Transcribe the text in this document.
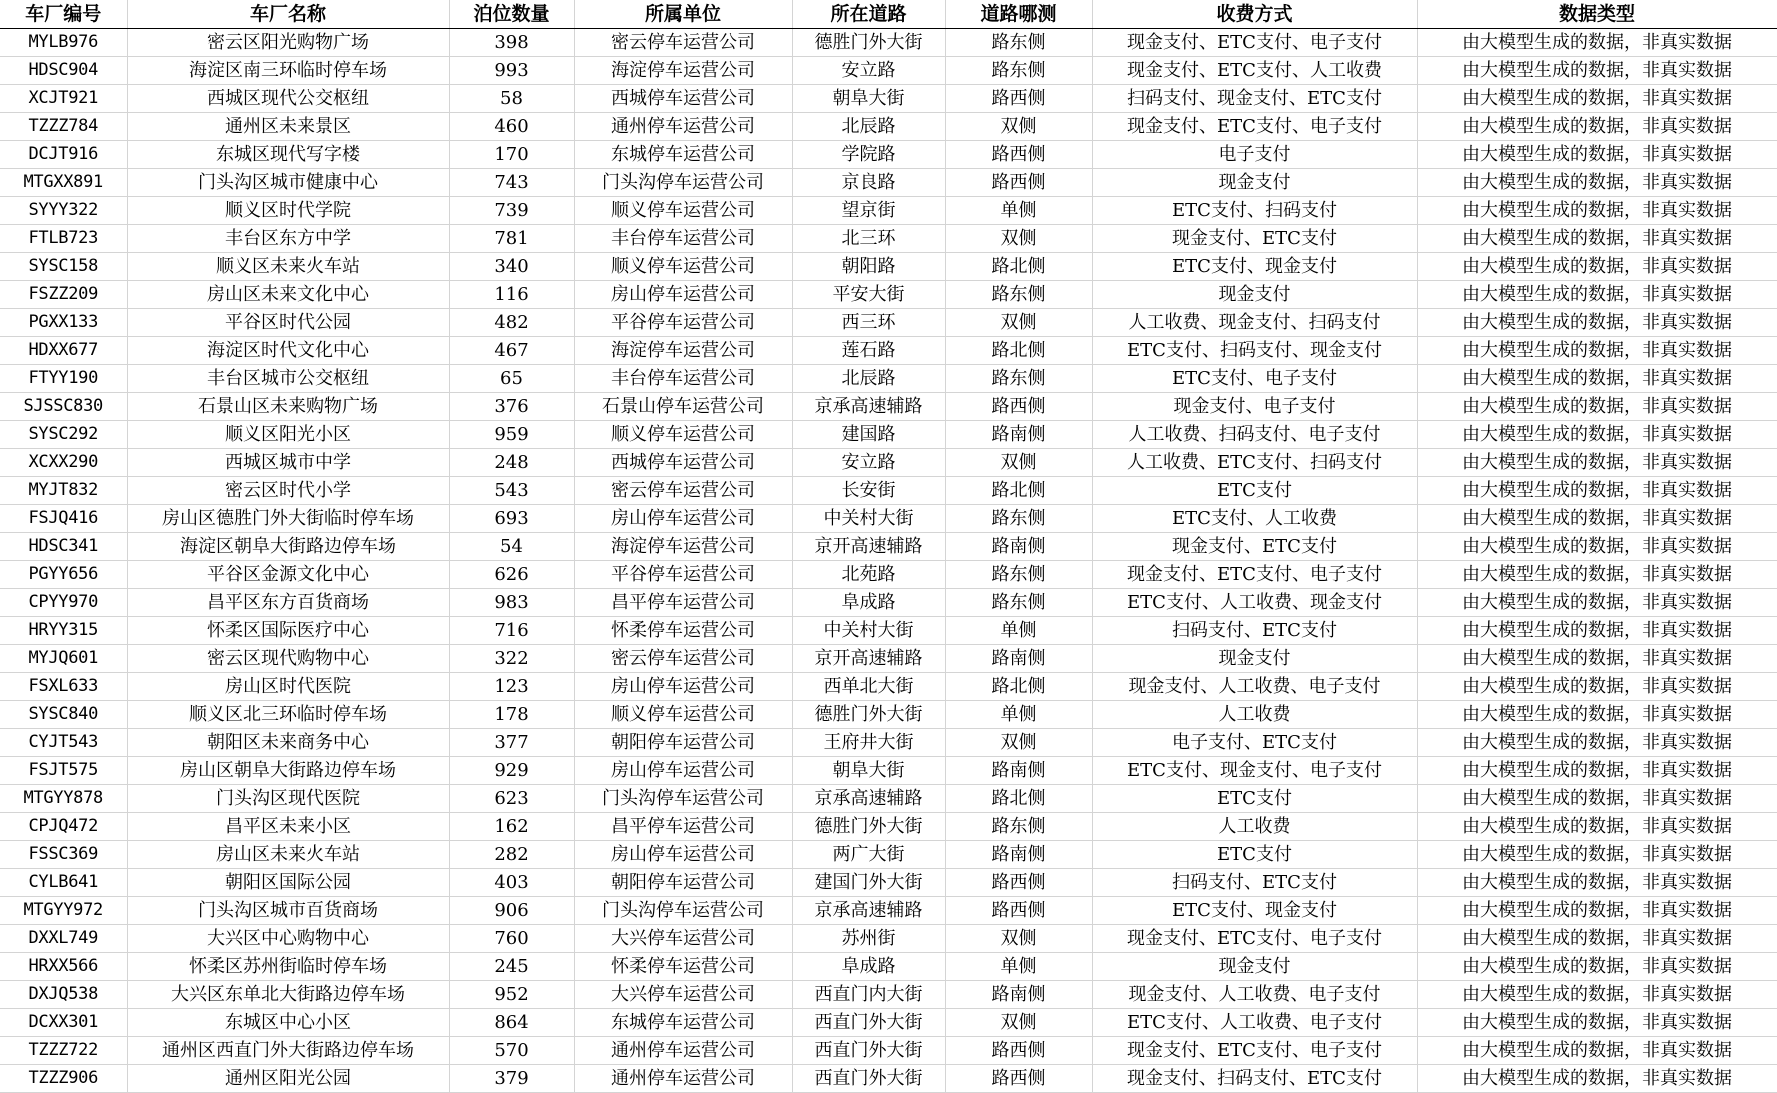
车厂编号	车厂名称	泊位数量	所属单位	所在道路	道路哪测	收费方式	数据类型
MYLB976	密云区阳光购物广场	398	密云停车运营公司	德胜门外大街	路东侧	现金支付、ETC支付、电子支付	由大模型生成的数据，非真实数据
HDSC904	海淀区南三环临时停车场	993	海淀停车运营公司	安立路	路东侧	现金支付、ETC支付、人工收费	由大模型生成的数据，非真实数据
XCJT921	西城区现代公交枢纽	58	西城停车运营公司	朝阜大街	路西侧	扫码支付、现金支付、ETC支付	由大模型生成的数据，非真实数据
TZZZ784	通州区未来景区	460	通州停车运营公司	北辰路	双侧	现金支付、ETC支付、电子支付	由大模型生成的数据，非真实数据
DCJT916	东城区现代写字楼	170	东城停车运营公司	学院路	路西侧	电子支付	由大模型生成的数据，非真实数据
MTGXX891	门头沟区城市健康中心	743	门头沟停车运营公司	京良路	路西侧	现金支付	由大模型生成的数据，非真实数据
SYYY322	顺义区时代学院	739	顺义停车运营公司	望京街	单侧	ETC支付、扫码支付	由大模型生成的数据，非真实数据
FTLB723	丰台区东方中学	781	丰台停车运营公司	北三环	双侧	现金支付、ETC支付	由大模型生成的数据，非真实数据
SYSC158	顺义区未来火车站	340	顺义停车运营公司	朝阳路	路北侧	ETC支付、现金支付	由大模型生成的数据，非真实数据
FSZZ209	房山区未来文化中心	116	房山停车运营公司	平安大街	路东侧	现金支付	由大模型生成的数据，非真实数据
PGXX133	平谷区时代公园	482	平谷停车运营公司	西三环	双侧	人工收费、现金支付、扫码支付	由大模型生成的数据，非真实数据
HDXX677	海淀区时代文化中心	467	海淀停车运营公司	莲石路	路北侧	ETC支付、扫码支付、现金支付	由大模型生成的数据，非真实数据
FTYY190	丰台区城市公交枢纽	65	丰台停车运营公司	北辰路	路东侧	ETC支付、电子支付	由大模型生成的数据，非真实数据
SJSSC830	石景山区未来购物广场	376	石景山停车运营公司	京承高速辅路	路西侧	现金支付、电子支付	由大模型生成的数据，非真实数据
SYSC292	顺义区阳光小区	959	顺义停车运营公司	建国路	路南侧	人工收费、扫码支付、电子支付	由大模型生成的数据，非真实数据
XCXX290	西城区城市中学	248	西城停车运营公司	安立路	双侧	人工收费、ETC支付、扫码支付	由大模型生成的数据，非真实数据
MYJT832	密云区时代小学	543	密云停车运营公司	长安街	路北侧	ETC支付	由大模型生成的数据，非真实数据
FSJQ416	房山区德胜门外大街临时停车场	693	房山停车运营公司	中关村大街	路东侧	ETC支付、人工收费	由大模型生成的数据，非真实数据
HDSC341	海淀区朝阜大街路边停车场	54	海淀停车运营公司	京开高速辅路	路南侧	现金支付、ETC支付	由大模型生成的数据，非真实数据
PGYY656	平谷区金源文化中心	626	平谷停车运营公司	北苑路	路东侧	现金支付、ETC支付、电子支付	由大模型生成的数据，非真实数据
CPYY970	昌平区东方百货商场	983	昌平停车运营公司	阜成路	路东侧	ETC支付、人工收费、现金支付	由大模型生成的数据，非真实数据
HRYY315	怀柔区国际医疗中心	716	怀柔停车运营公司	中关村大街	单侧	扫码支付、ETC支付	由大模型生成的数据，非真实数据
MYJQ601	密云区现代购物中心	322	密云停车运营公司	京开高速辅路	路南侧	现金支付	由大模型生成的数据，非真实数据
FSXL633	房山区时代医院	123	房山停车运营公司	西单北大街	路北侧	现金支付、人工收费、电子支付	由大模型生成的数据，非真实数据
SYSC840	顺义区北三环临时停车场	178	顺义停车运营公司	德胜门外大街	单侧	人工收费	由大模型生成的数据，非真实数据
CYJT543	朝阳区未来商务中心	377	朝阳停车运营公司	王府井大街	双侧	电子支付、ETC支付	由大模型生成的数据，非真实数据
FSJT575	房山区朝阜大街路边停车场	929	房山停车运营公司	朝阜大街	路南侧	ETC支付、现金支付、电子支付	由大模型生成的数据，非真实数据
MTGYY878	门头沟区现代医院	623	门头沟停车运营公司	京承高速辅路	路北侧	ETC支付	由大模型生成的数据，非真实数据
CPJQ472	昌平区未来小区	162	昌平停车运营公司	德胜门外大街	路东侧	人工收费	由大模型生成的数据，非真实数据
FSSC369	房山区未来火车站	282	房山停车运营公司	两广大街	路南侧	ETC支付	由大模型生成的数据，非真实数据
CYLB641	朝阳区国际公园	403	朝阳停车运营公司	建国门外大街	路西侧	扫码支付、ETC支付	由大模型生成的数据，非真实数据
MTGYY972	门头沟区城市百货商场	906	门头沟停车运营公司	京承高速辅路	路西侧	ETC支付、现金支付	由大模型生成的数据，非真实数据
DXXL749	大兴区中心购物中心	760	大兴停车运营公司	苏州街	双侧	现金支付、ETC支付、电子支付	由大模型生成的数据，非真实数据
HRXX566	怀柔区苏州街临时停车场	245	怀柔停车运营公司	阜成路	单侧	现金支付	由大模型生成的数据，非真实数据
DXJQ538	大兴区东单北大街路边停车场	952	大兴停车运营公司	西直门内大街	路南侧	现金支付、人工收费、电子支付	由大模型生成的数据，非真实数据
DCXX301	东城区中心小区	864	东城停车运营公司	西直门外大街	双侧	ETC支付、人工收费、电子支付	由大模型生成的数据，非真实数据
TZZZ722	通州区西直门外大街路边停车场	570	通州停车运营公司	西直门外大街	路西侧	现金支付、ETC支付、电子支付	由大模型生成的数据，非真实数据
TZZZ906	通州区阳光公园	379	通州停车运营公司	西直门外大街	路西侧	现金支付、扫码支付、ETC支付	由大模型生成的数据，非真实数据
